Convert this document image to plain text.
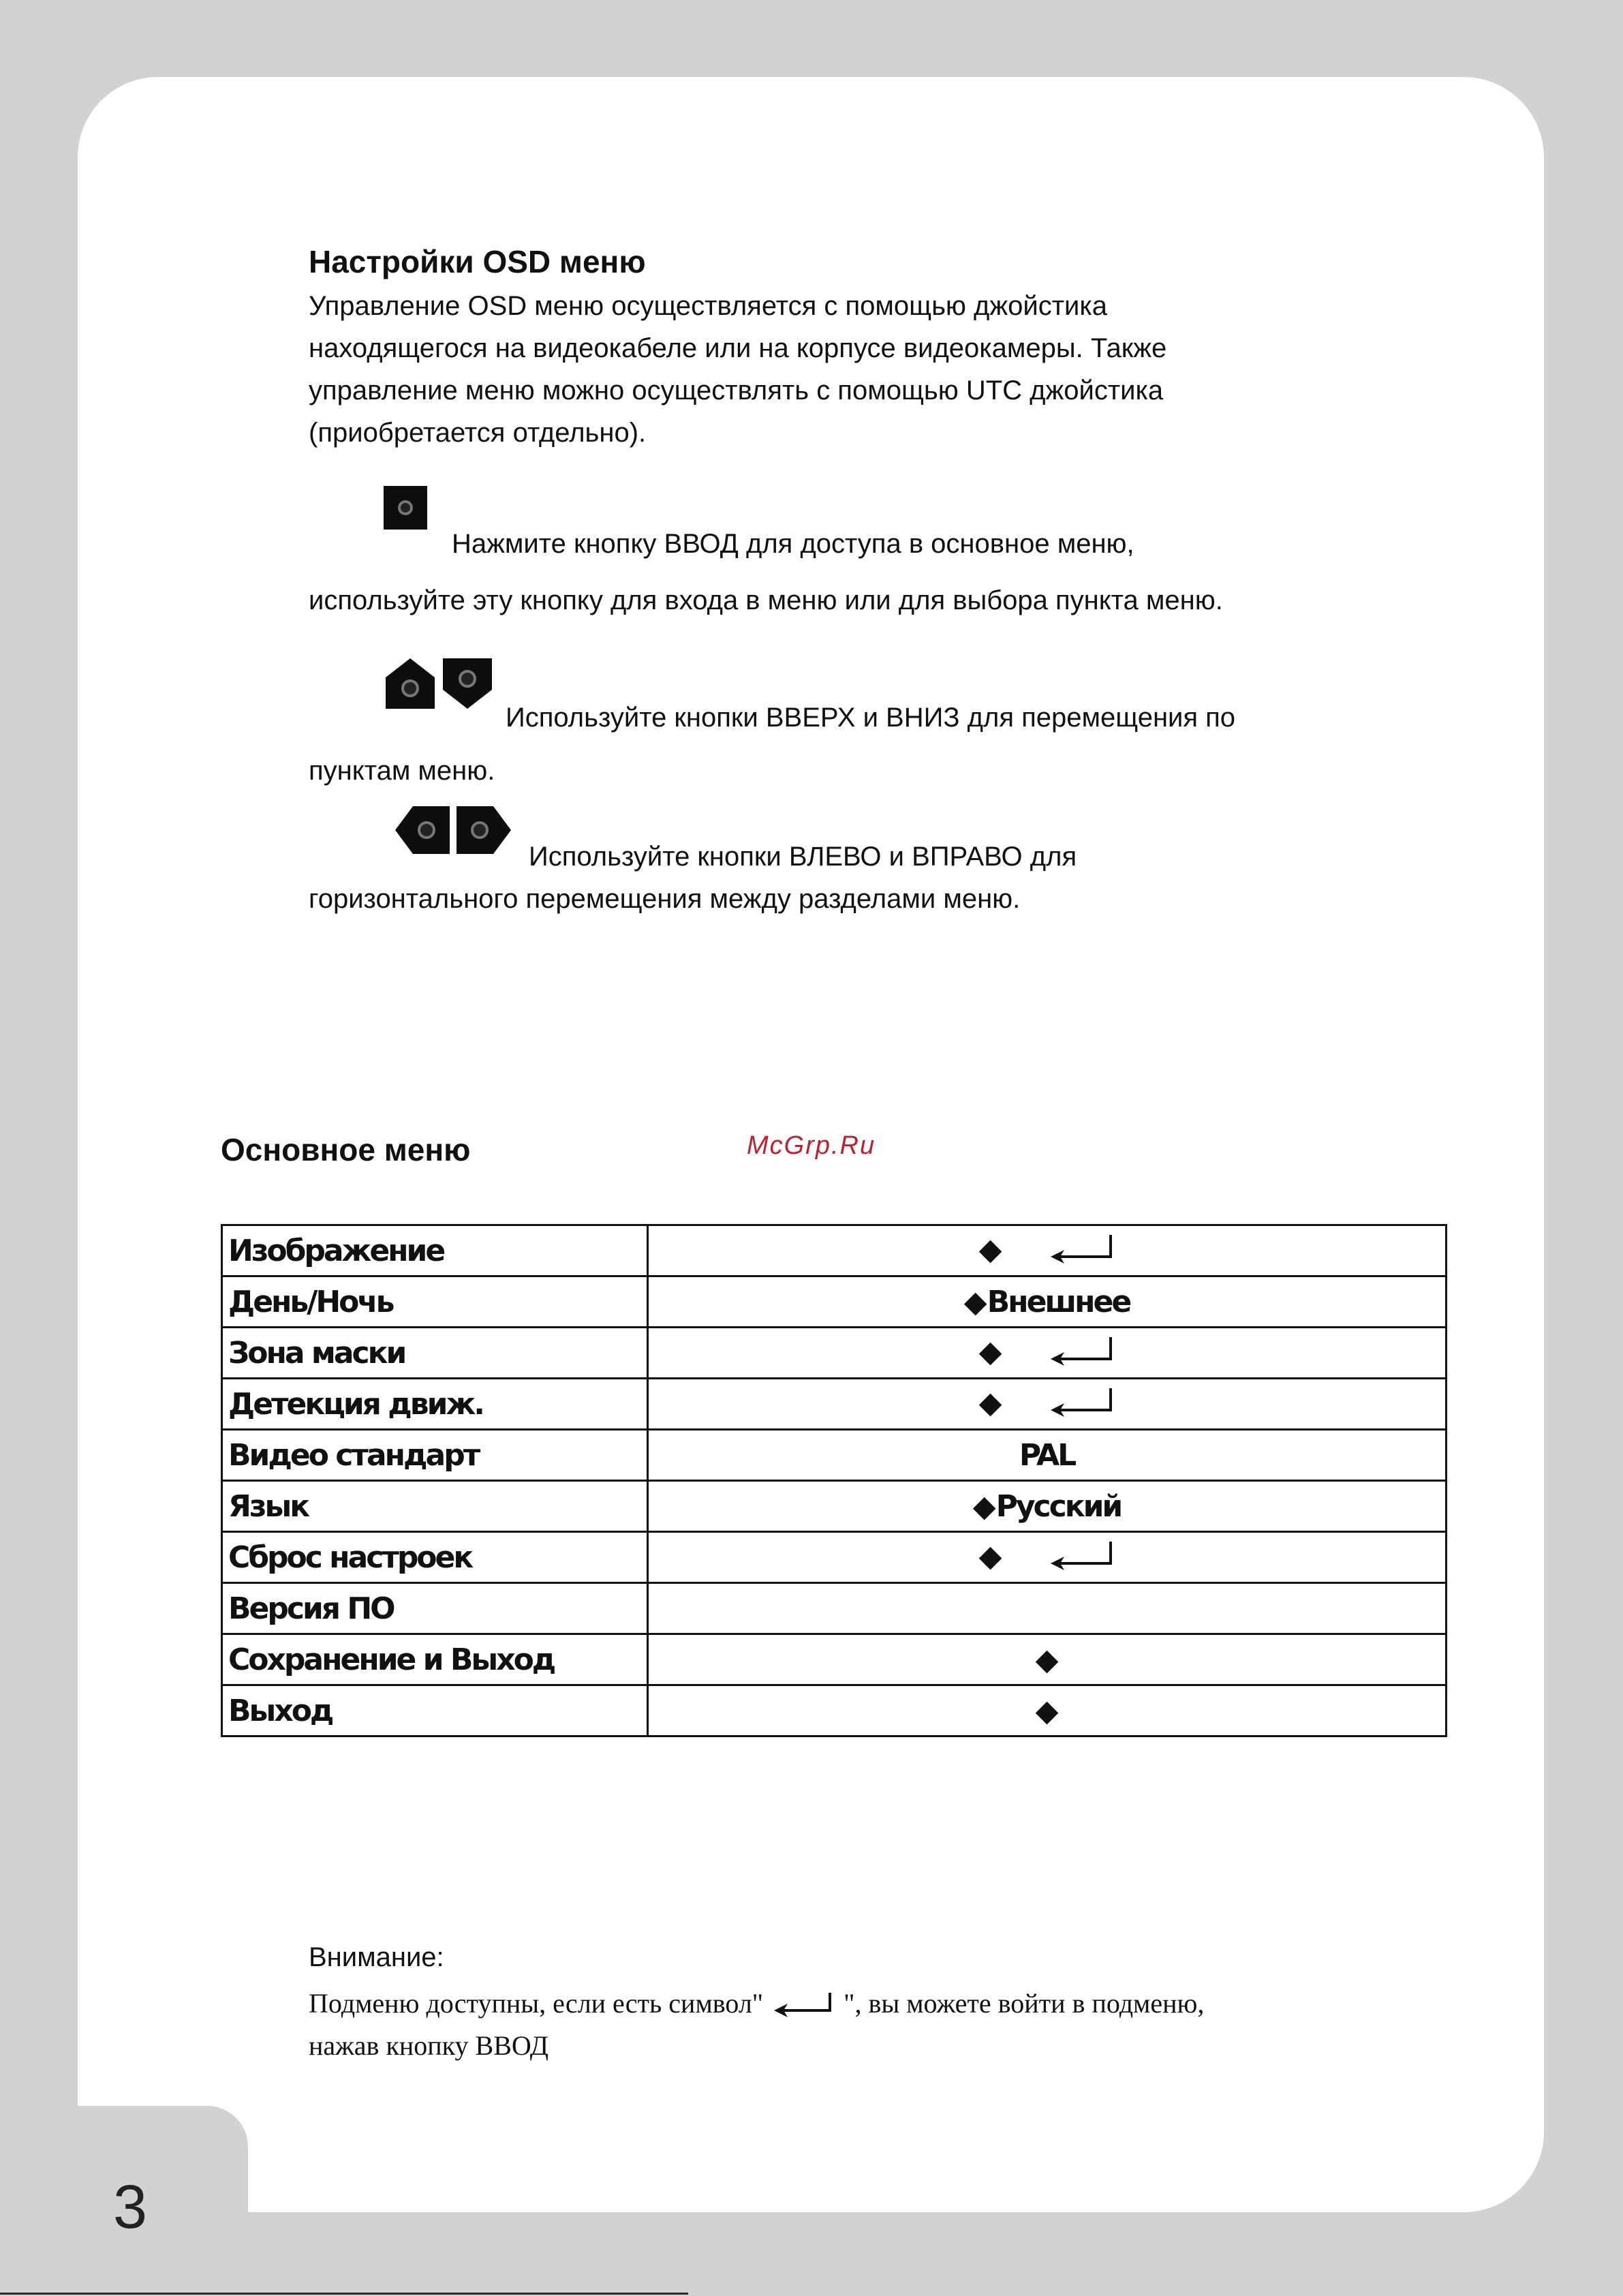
3

Настройки OSD меню

Управление OSD меню осуществляется с помощью джойстика

находящегося на видеокабеле или на корпусе видеокамеры. Также

управление меню можно осуществлять с помощью UTC джойстика

(приобретается отдельно).

Нажмите кнопку ВВОД для доступа в основное меню,
используйте эту кнопку для входа в меню или для выбора пункта меню.
Используйте кнопки ВВЕРХ и ВНИЗ для перемещения по
пунктам меню.
Используйте кнопки ВЛЕВО и ВПРАВО для
горизонтального перемещения между разделами меню.
Основное меню	McGrp.Ru
Изображение	◆
День/Ночь	◆Внешнее
Зона маски	◆
Детекция движ.	◆
Видео стандарт	PAL
Язык	◆Русский
Сброс настроек	◆
Версия ПО	
Сохранение и Выход	◆
Выход	◆

Внимание:

Подменю доступны, если есть символ"	", вы можете войти в подменю,

нажав кнопку ВВОД
